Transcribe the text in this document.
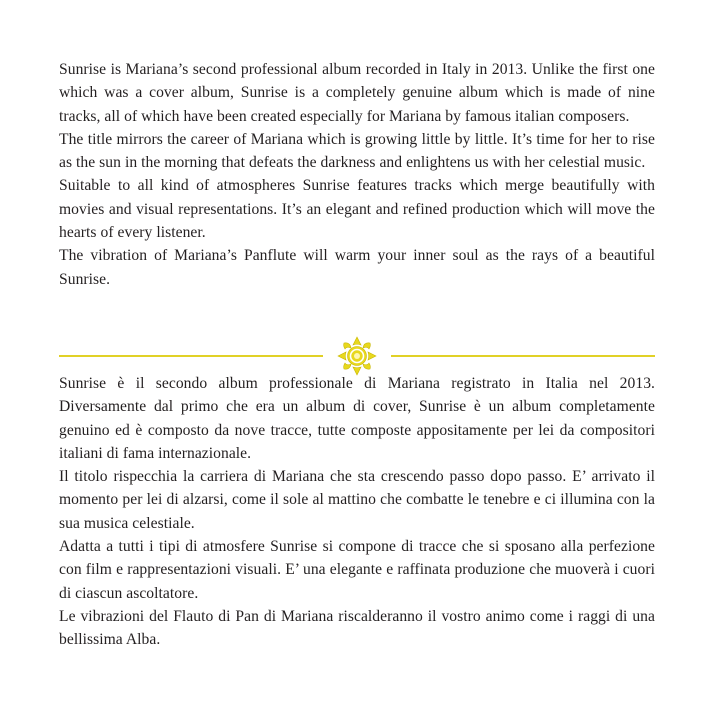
Sunrise is Mariana’s second professional album recorded in Italy in 2013. Unlike the first one which was a cover album, Sunrise is a completely genuine album which is made of nine tracks, all of which have been created especially for Mariana by famous italian composers.

The title mirrors the career of Mariana which is growing little by little. It’s time for her to rise as the sun in the morning that defeats the darkness and enlightens us with her celestial music.

Suitable to all kind of atmospheres Sunrise features tracks which merge beautifully with movies and visual representations. It’s an elegant and refined production which will move the hearts of every listener.

The vibration of Mariana’s Panflute will warm your inner soul as the rays of a beautiful Sunrise.

Sunrise è il secondo album professionale di Mariana registrato in Italia nel 2013. Diversamente dal primo che era un album di cover, Sunrise è un album completamente genuino ed è composto da nove tracce, tutte composte appositamente per lei da compositori italiani di fama internazionale.

Il titolo rispecchia la carriera di Mariana che sta crescendo passo dopo passo. E’ arrivato il momento per lei di alzarsi, come il sole al mattino che combatte le tenebre e ci illumina con la sua musica celestiale.

Adatta a tutti i tipi di atmosfere Sunrise si compone di tracce che si sposano alla perfezione con film e rappresentazioni visuali. E’ una elegante e raffinata produzione che muoverà i cuori di ciascun ascoltatore.

Le vibrazioni del Flauto di Pan di Mariana riscalderanno il vostro animo come i raggi di una bellissima Alba.
